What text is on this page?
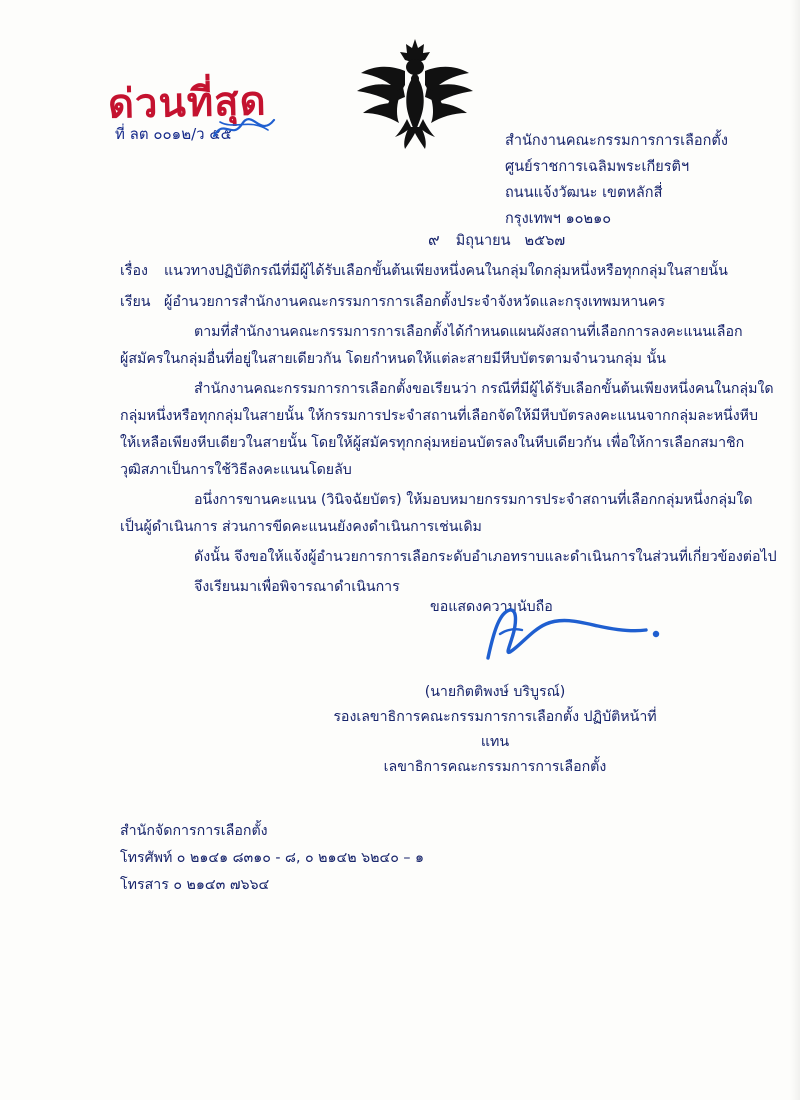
ด่วนที่สุด
ที่ ลต ๐๐๑๒/ว ๕๕	สำนักงานคณะกรรมการการเลือกตั้ง
ศูนย์ราชการเฉลิมพระเกียรติฯ
ถนนแจ้งวัฒนะ เขตหลักสี่
กรุงเทพฯ ๑๐๒๑๐
๙ มิถุนายน ๒๕๖๗
เรื่อง แนวทางปฏิบัติกรณีที่มีผู้ได้รับเลือกขั้นต้นเพียงหนึ่งคนในกลุ่มใดกลุ่มหนึ่งหรือทุกกลุ่มในสายนั้น
เรียน ผู้อำนวยการสำนักงานคณะกรรมการการเลือกตั้งประจำจังหวัดและกรุงเทพมหานคร
ตามที่สำนักงานคณะกรรมการการเลือกตั้งได้กำหนดแผนผังสถานที่เลือกการลงคะแนนเลือก
ผู้สมัครในกลุ่มอื่นที่อยู่ในสายเดียวกัน โดยกำหนดให้แต่ละสายมีหีบบัตรตามจำนวนกลุ่ม นั้น
สำนักงานคณะกรรมการการเลือกตั้งขอเรียนว่า กรณีที่มีผู้ได้รับเลือกขั้นต้นเพียงหนึ่งคนในกลุ่มใด
กลุ่มหนึ่งหรือทุกกลุ่มในสายนั้น ให้กรรมการประจำสถานที่เลือกจัดให้มีหีบบัตรลงคะแนนจากกลุ่มละหนึ่งหีบ
ให้เหลือเพียงหีบเดียวในสายนั้น โดยให้ผู้สมัครทุกกลุ่มหย่อนบัตรลงในหีบเดียวกัน เพื่อให้การเลือกสมาชิก
วุฒิสภาเป็นการใช้วิธีลงคะแนนโดยลับ
อนึ่งการขานคะแนน (วินิจฉัยบัตร) ให้มอบหมายกรรมการประจำสถานที่เลือกกลุ่มหนึ่งกลุ่มใด
เป็นผู้ดำเนินการ ส่วนการขีดคะแนนยังคงดำเนินการเช่นเดิม
ดังนั้น จึงขอให้แจ้งผู้อำนวยการการเลือกระดับอำเภอทราบและดำเนินการในส่วนที่เกี่ยวข้องต่อไป
จึงเรียนมาเพื่อพิจารณาดำเนินการ
ขอแสดงความนับถือ
(นายกิตติพงษ์ บริบูรณ์)
รองเลขาธิการคณะกรรมการการเลือกตั้ง ปฏิบัติหน้าที่แทน
เลขาธิการคณะกรรมการการเลือกตั้ง
สำนักจัดการการเลือกตั้ง
โทรศัพท์ ๐ ๒๑๔๑ ๘๓๑๐ - ๘, ๐ ๒๑๔๒ ๖๒๔๐ – ๑
โทรสาร ๐ ๒๑๔๓ ๗๖๖๔
